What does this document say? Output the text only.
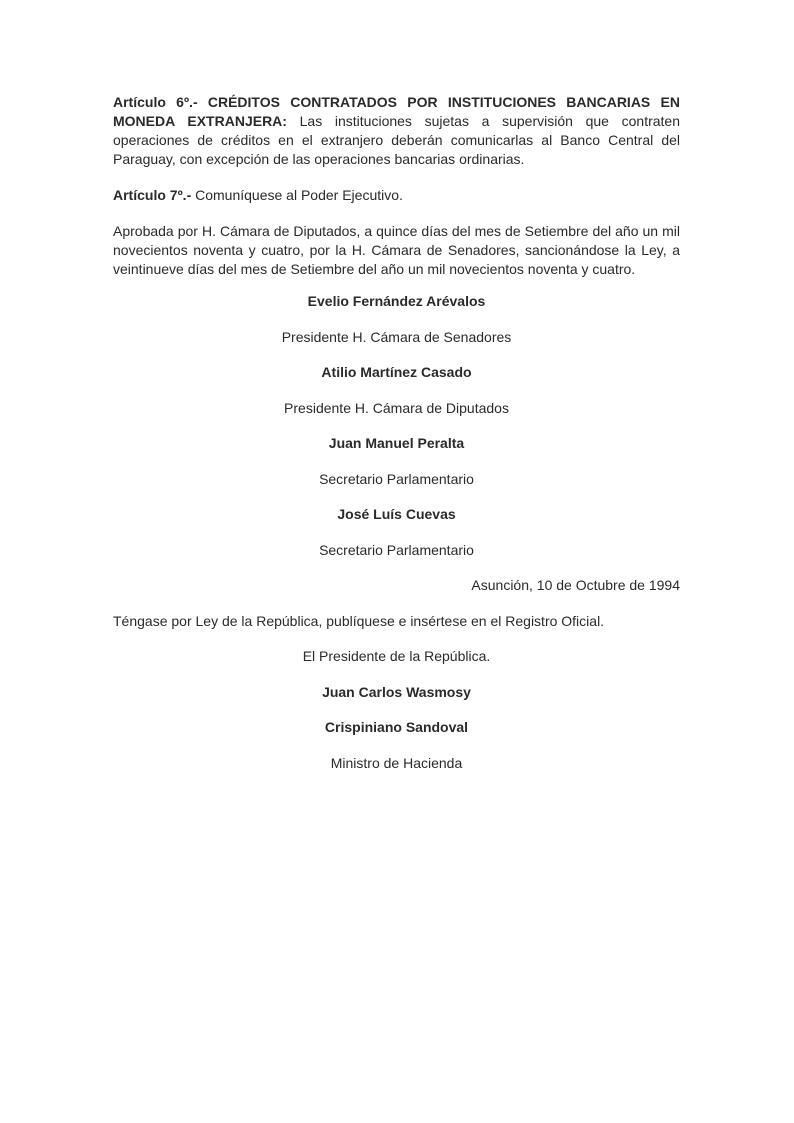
Artículo 6º.- CRÉDITOS CONTRATADOS POR INSTITUCIONES BANCARIAS EN MONEDA EXTRANJERA: Las instituciones sujetas a supervisión que contraten operaciones de créditos en el extranjero deberán comunicarlas al Banco Central del Paraguay, con excepción de las operaciones bancarias ordinarias.

Artículo 7º.- Comuníquese al Poder Ejecutivo.

Aprobada por H. Cámara de Diputados, a quince días del mes de Setiembre del año un mil novecientos noventa y cuatro, por la H. Cámara de Senadores, sancionándose la Ley, a veintinueve días del mes de Setiembre del año un mil novecientos noventa y cuatro.

Evelio Fernández Arévalos

Presidente H. Cámara de Senadores

Atilio Martínez Casado

Presidente H. Cámara de Diputados

Juan Manuel Peralta

Secretario Parlamentario

José Luís Cuevas

Secretario Parlamentario

Asunción, 10 de Octubre de 1994

Téngase por Ley de la República, publíquese e insértese en el Registro Oficial.

El Presidente de la República.

Juan Carlos Wasmosy

Crispiniano Sandoval

Ministro de Hacienda
